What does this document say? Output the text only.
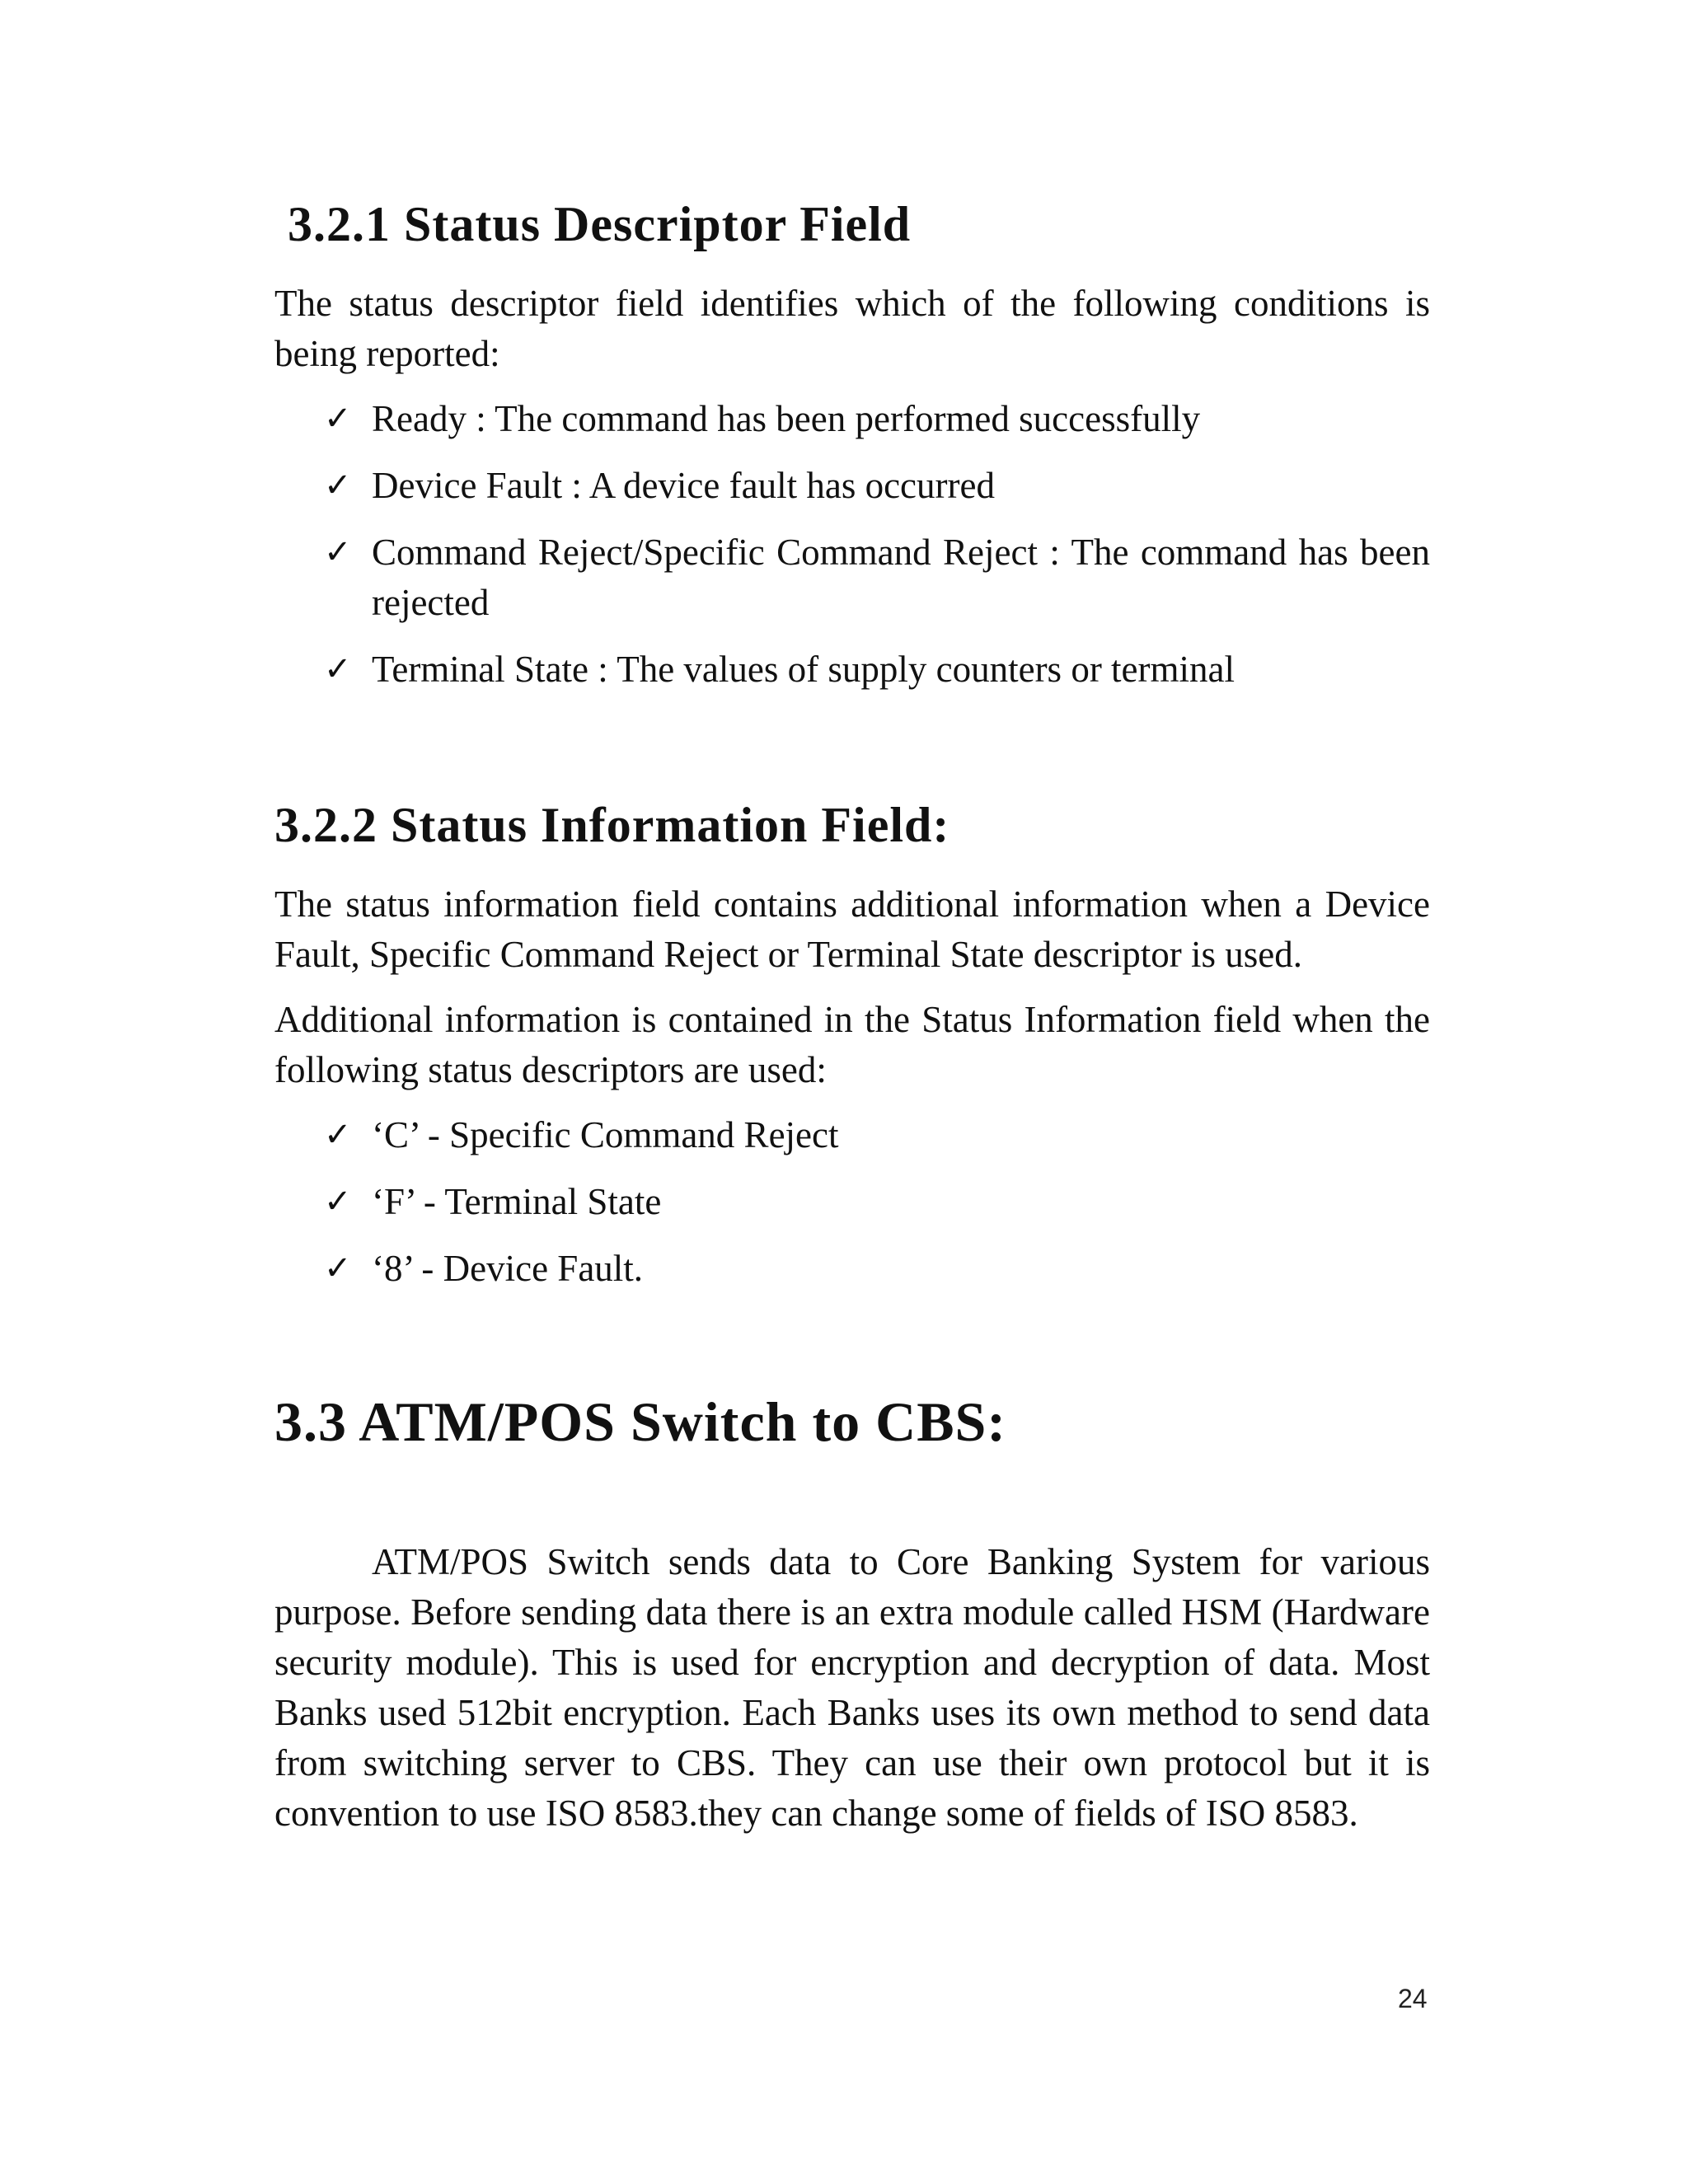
3.2.1 Status Descriptor Field

The status descriptor field identifies which of the following conditions is being reported:

✓ Ready : The command has been performed successfully
✓ Device Fault : A device fault has occurred
✓ Command Reject/Specific Command Reject : The command has been rejected
✓ Terminal State : The values of supply counters or terminal
3.2.2 Status Information Field:

The status information field contains additional information when a Device Fault, Specific Command Reject or Terminal State descriptor is used.

Additional information is contained in the Status Information field when the following status descriptors are used:

✓ ‘C’ - Specific Command Reject
✓ ‘F’ - Terminal State
✓ ‘8’ - Device Fault.
3.3 ATM/POS Switch to CBS:

ATM/POS Switch sends data to Core Banking System for various purpose. Before sending data there is an extra module called HSM (Hardware security module). This is used for encryption and decryption of data. Most Banks used 512bit encryption. Each Banks uses its own method to send data from switching server to CBS. They can use their own protocol but it is convention to use ISO 8583.they can change some of fields of ISO 8583.

24
